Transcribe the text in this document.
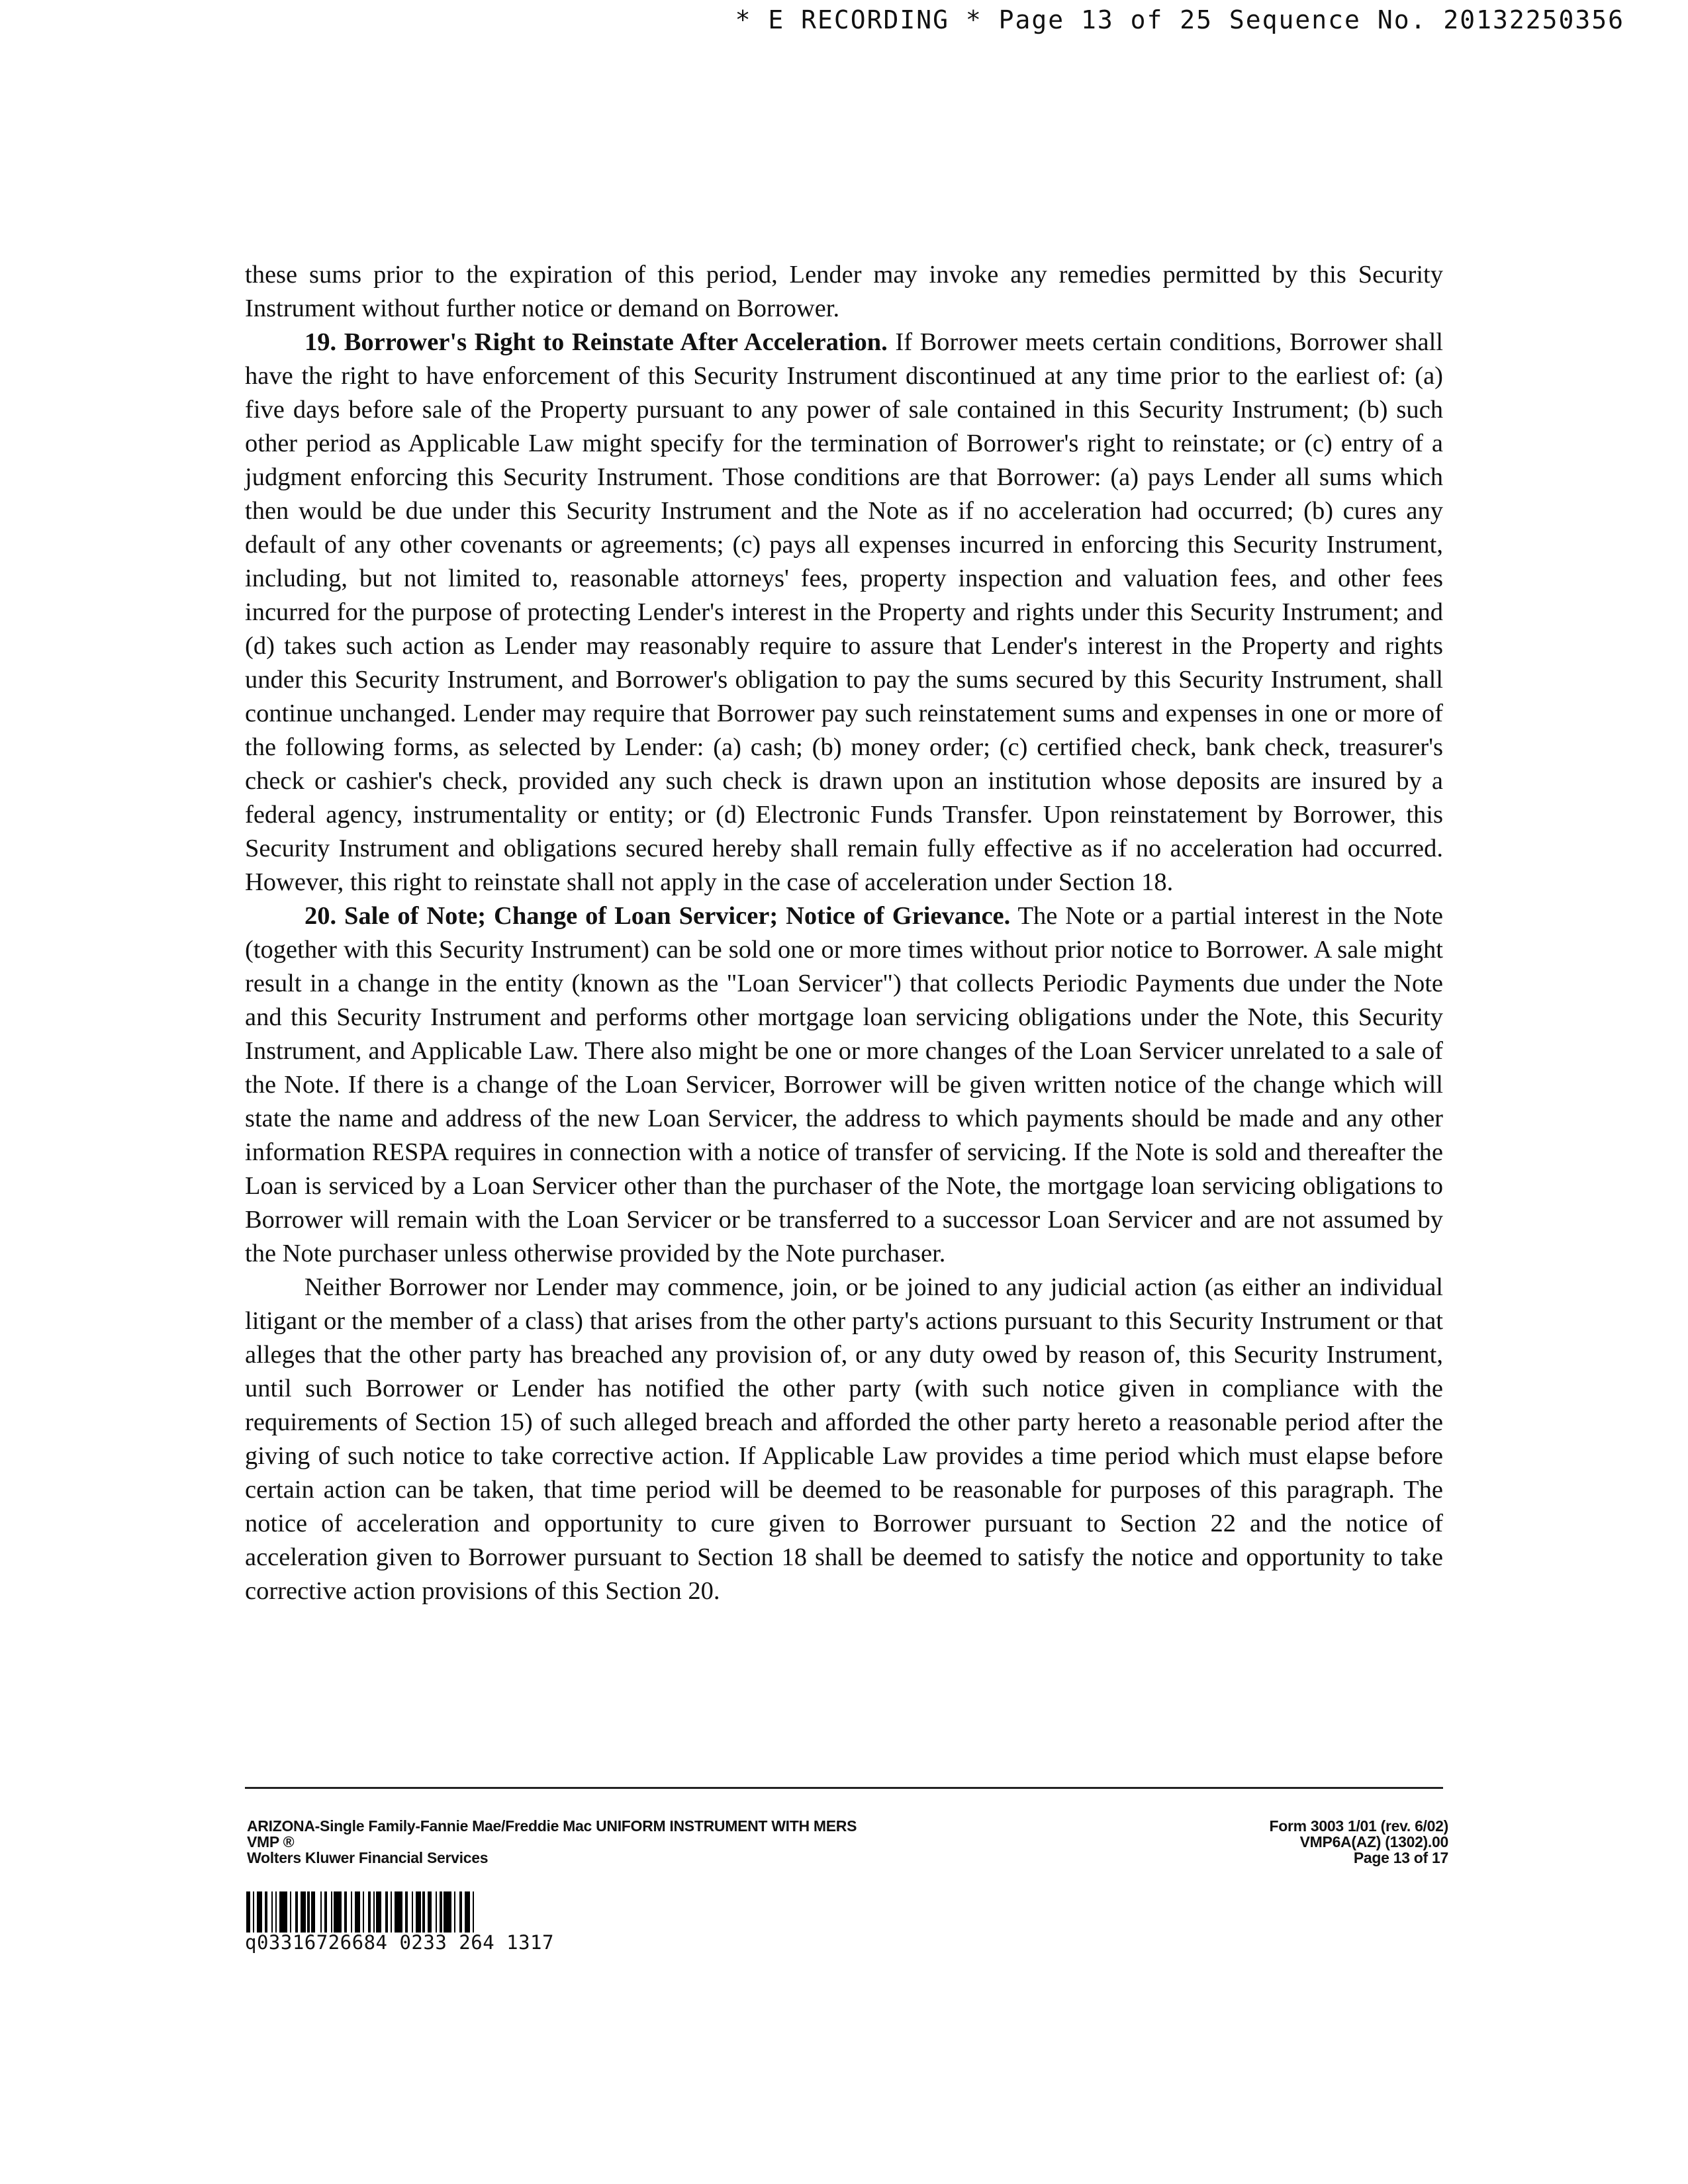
* E RECORDING * Page 13 of 25 Sequence No. 20132250356

these sums prior to the expiration of this period, Lender may invoke any remedies permitted by this Security Instrument without further notice or demand on Borrower.

19. Borrower's Right to Reinstate After Acceleration. If Borrower meets certain conditions, Borrower shall have the right to have enforcement of this Security Instrument discontinued at any time prior to the earliest of: (a) five days before sale of the Property pursuant to any power of sale contained in this Security Instrument; (b) such other period as Applicable Law might specify for the termination of Borrower's right to reinstate; or (c) entry of a judgment enforcing this Security Instrument. Those conditions are that Borrower: (a) pays Lender all sums which then would be due under this Security Instrument and the Note as if no acceleration had occurred; (b) cures any default of any other covenants or agreements; (c) pays all expenses incurred in enforcing this Security Instrument, including, but not limited to, reasonable attorneys' fees, property inspection and valuation fees, and other fees incurred for the purpose of protecting Lender's interest in the Property and rights under this Security Instrument; and (d) takes such action as Lender may reasonably require to assure that Lender's interest in the Property and rights under this Security Instrument, and Borrower's obligation to pay the sums secured by this Security Instrument, shall continue unchanged. Lender may require that Borrower pay such reinstatement sums and expenses in one or more of the following forms, as selected by Lender: (a) cash; (b) money order; (c) certified check, bank check, treasurer's check or cashier's check, provided any such check is drawn upon an institution whose deposits are insured by a federal agency, instrumentality or entity; or (d) Electronic Funds Transfer. Upon reinstatement by Borrower, this Security Instrument and obligations secured hereby shall remain fully effective as if no acceleration had occurred. However, this right to reinstate shall not apply in the case of acceleration under Section 18.

20. Sale of Note; Change of Loan Servicer; Notice of Grievance. The Note or a partial interest in the Note (together with this Security Instrument) can be sold one or more times without prior notice to Borrower. A sale might result in a change in the entity (known as the "Loan Servicer") that collects Periodic Payments due under the Note and this Security Instrument and performs other mortgage loan servicing obligations under the Note, this Security Instrument, and Applicable Law. There also might be one or more changes of the Loan Servicer unrelated to a sale of the Note. If there is a change of the Loan Servicer, Borrower will be given written notice of the change which will state the name and address of the new Loan Servicer, the address to which payments should be made and any other information RESPA requires in connection with a notice of transfer of servicing. If the Note is sold and thereafter the Loan is serviced by a Loan Servicer other than the purchaser of the Note, the mortgage loan servicing obligations to Borrower will remain with the Loan Servicer or be transferred to a successor Loan Servicer and are not assumed by the Note purchaser unless otherwise provided by the Note purchaser.

Neither Borrower nor Lender may commence, join, or be joined to any judicial action (as either an individual litigant or the member of a class) that arises from the other party's actions pursuant to this Security Instrument or that alleges that the other party has breached any provision of, or any duty owed by reason of, this Security Instrument, until such Borrower or Lender has notified the other party (with such notice given in compliance with the requirements of Section 15) of such alleged breach and afforded the other party hereto a reasonable period after the giving of such notice to take corrective action. If Applicable Law provides a time period which must elapse before certain action can be taken, that time period will be deemed to be reasonable for purposes of this paragraph. The notice of acceleration and opportunity to cure given to Borrower pursuant to Section 22 and the notice of acceleration given to Borrower pursuant to Section 18 shall be deemed to satisfy the notice and opportunity to take corrective action provisions of this Section 20.

ARIZONA-Single Family-Fannie Mae/Freddie Mac UNIFORM INSTRUMENT WITH MERS
VMP ®
Wolters Kluwer Financial Services
Form 3003 1/01 (rev. 6/02)
VMP6A(AZ) (1302).00
Page 13 of 17
q03316726684 0233 264 1317
